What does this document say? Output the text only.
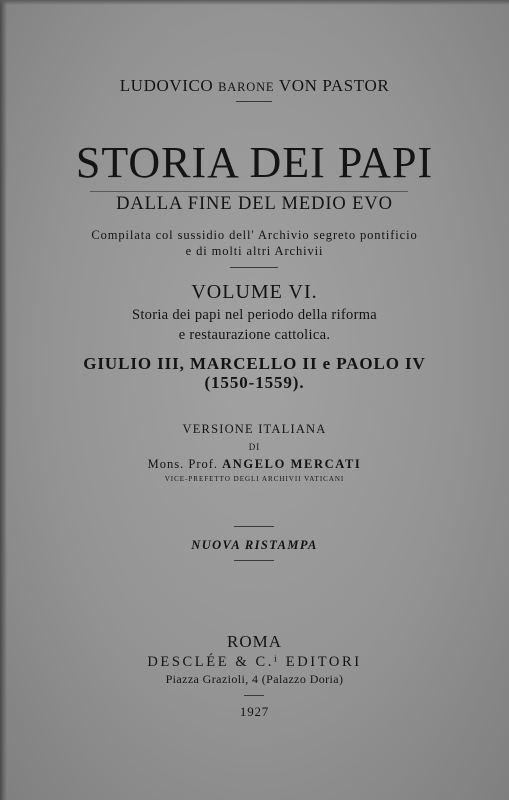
LUDOVICO BARONE VON PASTOR
STORIA DEI PAPI
DALLA FINE DEL MEDIO EVO
Compilata col sussidio dell' Archivio segreto pontificio
e di molti altri Archivii
VOLUME VI.
Storia dei papi nel periodo della riforma
e restaurazione cattolica.
GIULIO III, MARCELLO II e PAOLO IV
(1550-1559).
VERSIONE ITALIANA
DI
Mons. Prof. ANGELO MERCATI
VICE-PREFETTO DEGLI ARCHIVII VATICANI
NUOVA RISTAMPA
ROMA
DESCLÉE & C.ⁱ EDITORI
Piazza Grazioli, 4 (Palazzo Doria)
1927
